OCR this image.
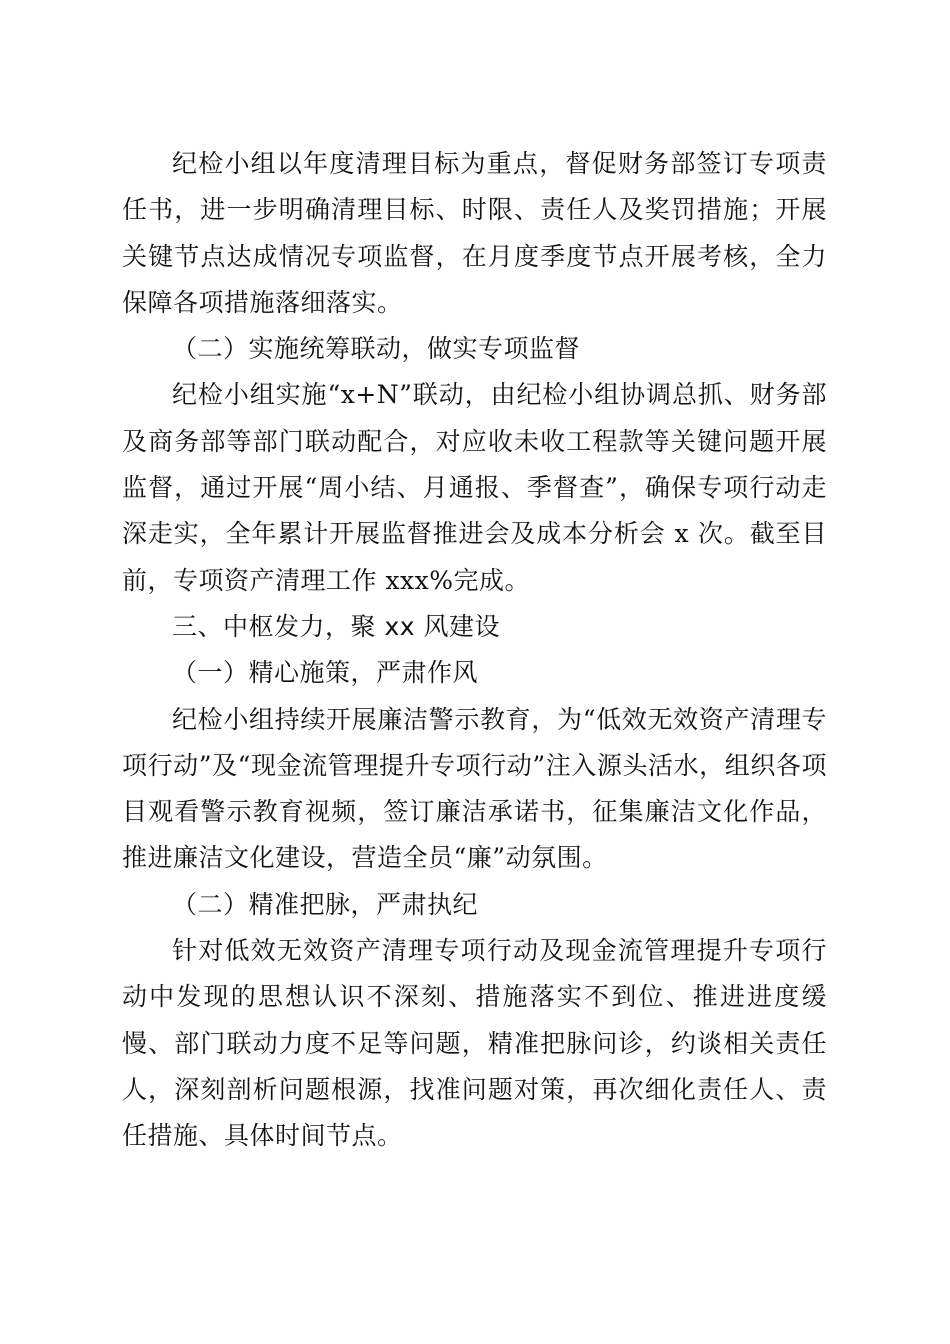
纪检小组以年度清理目标为重点，督促财务部签订专项责任书，进一步明确清理目标、时限、责任人及奖罚措施；开展关键节点达成情况专项监督，在月度季度节点开展考核，全力保障各项措施落细落实。

（二）实施统筹联动，做实专项监督

纪检小组实施“x+N”联动，由纪检小组协调总抓、财务部及商务部等部门联动配合，对应收未收工程款等关键问题开展监督，通过开展“周小结、月通报、季督查”，确保专项行动走深走实，全年累计开展监督推进会及成本分析会 x 次。截至目前，专项资产清理工作 xxx%完成。

三、中枢发力，聚 xx 风建设

（一）精心施策，严肃作风

纪检小组持续开展廉洁警示教育，为“低效无效资产清理专项行动”及“现金流管理提升专项行动”注入源头活水，组织各项目观看警示教育视频，签订廉洁承诺书，征集廉洁文化作品，推进廉洁文化建设，营造全员“廉”动氛围。

（二）精准把脉，严肃执纪

针对低效无效资产清理专项行动及现金流管理提升专项行动中发现的思想认识不深刻、措施落实不到位、推进进度缓慢、部门联动力度不足等问题，精准把脉问诊，约谈相关责任人，深刻剖析问题根源，找准问题对策，再次细化责任人、责任措施、具体时间节点。
